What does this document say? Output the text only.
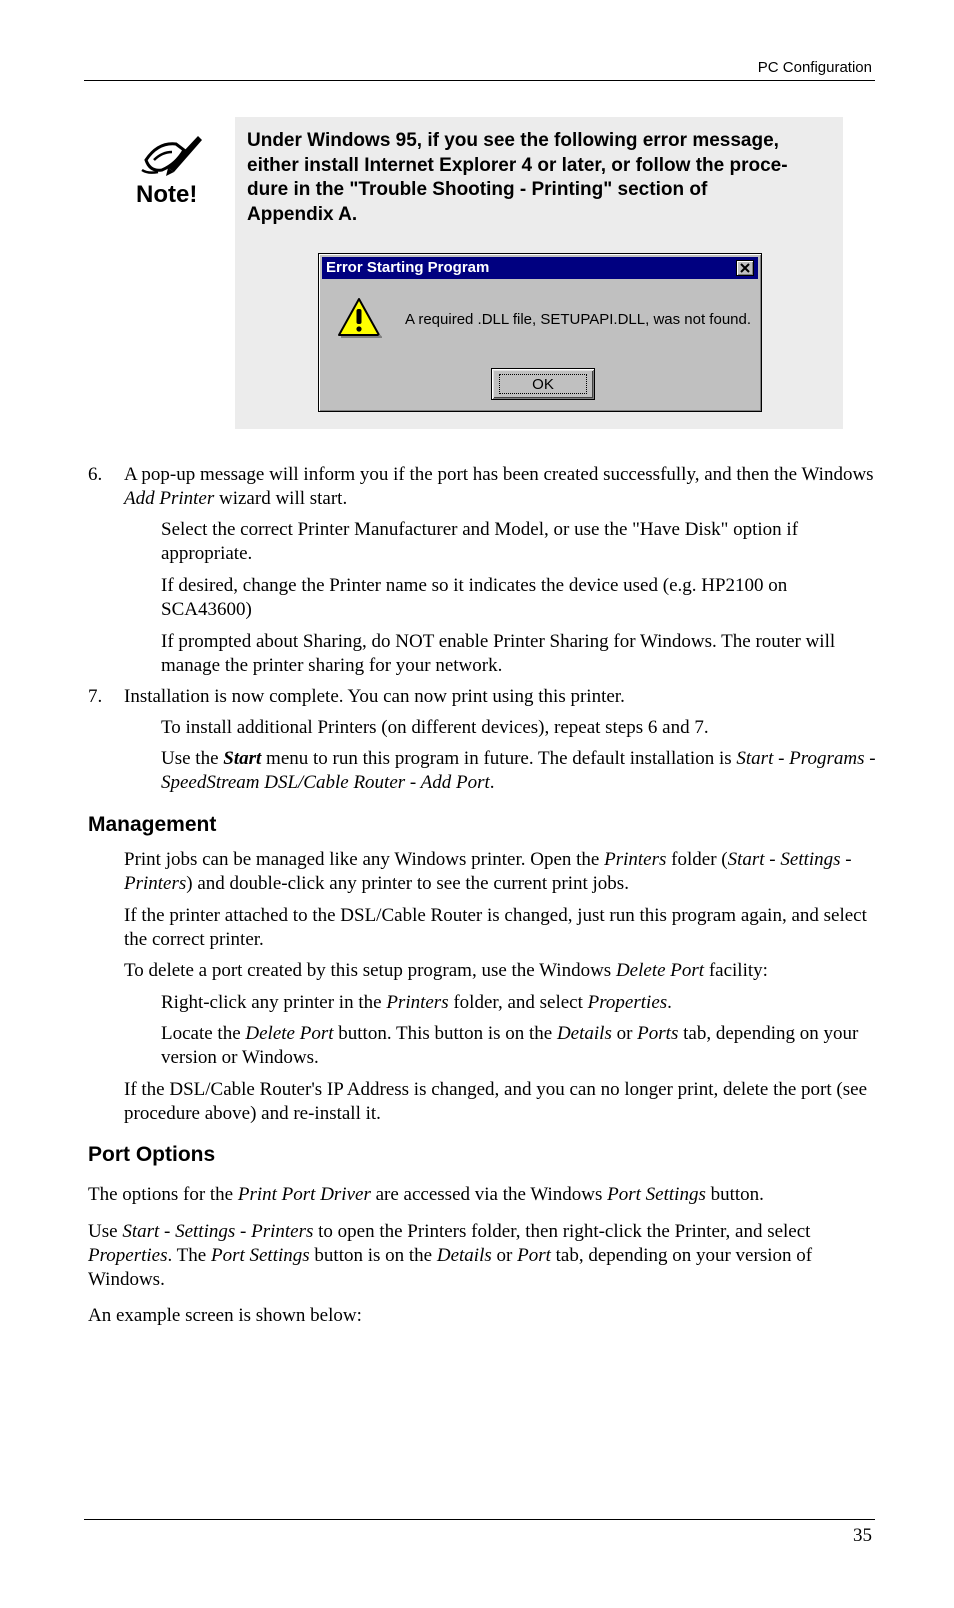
PC Configuration
Note!
Under Windows 95, if you see the following error message,
either install Internet Explorer 4 or later, or follow the proce-
dure in the "Trouble Shooting - Printing" section of
Appendix A.
Error Starting Program
A required .DLL file, SETUPAPI.DLL, was not found.
OK
6. A pop-up message will inform you if the port has been created successfully, and then the Windows Add Printer wizard will start.
Select the correct Printer Manufacturer and Model, or use the "Have Disk" option if appropriate.
If desired, change the Printer name so it indicates the device used (e.g. HP2100 on SCA43600)
If prompted about Sharing, do NOT enable Printer Sharing for Windows. The router will manage the printer sharing for your network.
7. Installation is now complete. You can now print using this printer.
To install additional Printers (on different devices), repeat steps 6 and 7.
Use the Start menu to run this program in future. The default installation is Start - Programs - SpeedStream DSL/Cable Router - Add Port.
Management
Print jobs can be managed like any Windows printer. Open the Printers folder (Start - Settings - Printers) and double-click any printer to see the current print jobs.
If the printer attached to the DSL/Cable Router is changed, just run this program again, and select the correct printer.
To delete a port created by this setup program, use the Windows Delete Port facility:
Right-click any printer in the Printers folder, and select Properties.
Locate the Delete Port button. This button is on the Details or Ports tab, depending on your version or Windows.
If the DSL/Cable Router's IP Address is changed, and you can no longer print, delete the port (see procedure above) and re-install it.
Port Options
The options for the Print Port Driver are accessed via the Windows Port Settings button.
Use Start - Settings - Printers to open the Printers folder, then right-click the Printer, and select Properties. The Port Settings button is on the Details or Port tab, depending on your version of Windows.
An example screen is shown below:
35
